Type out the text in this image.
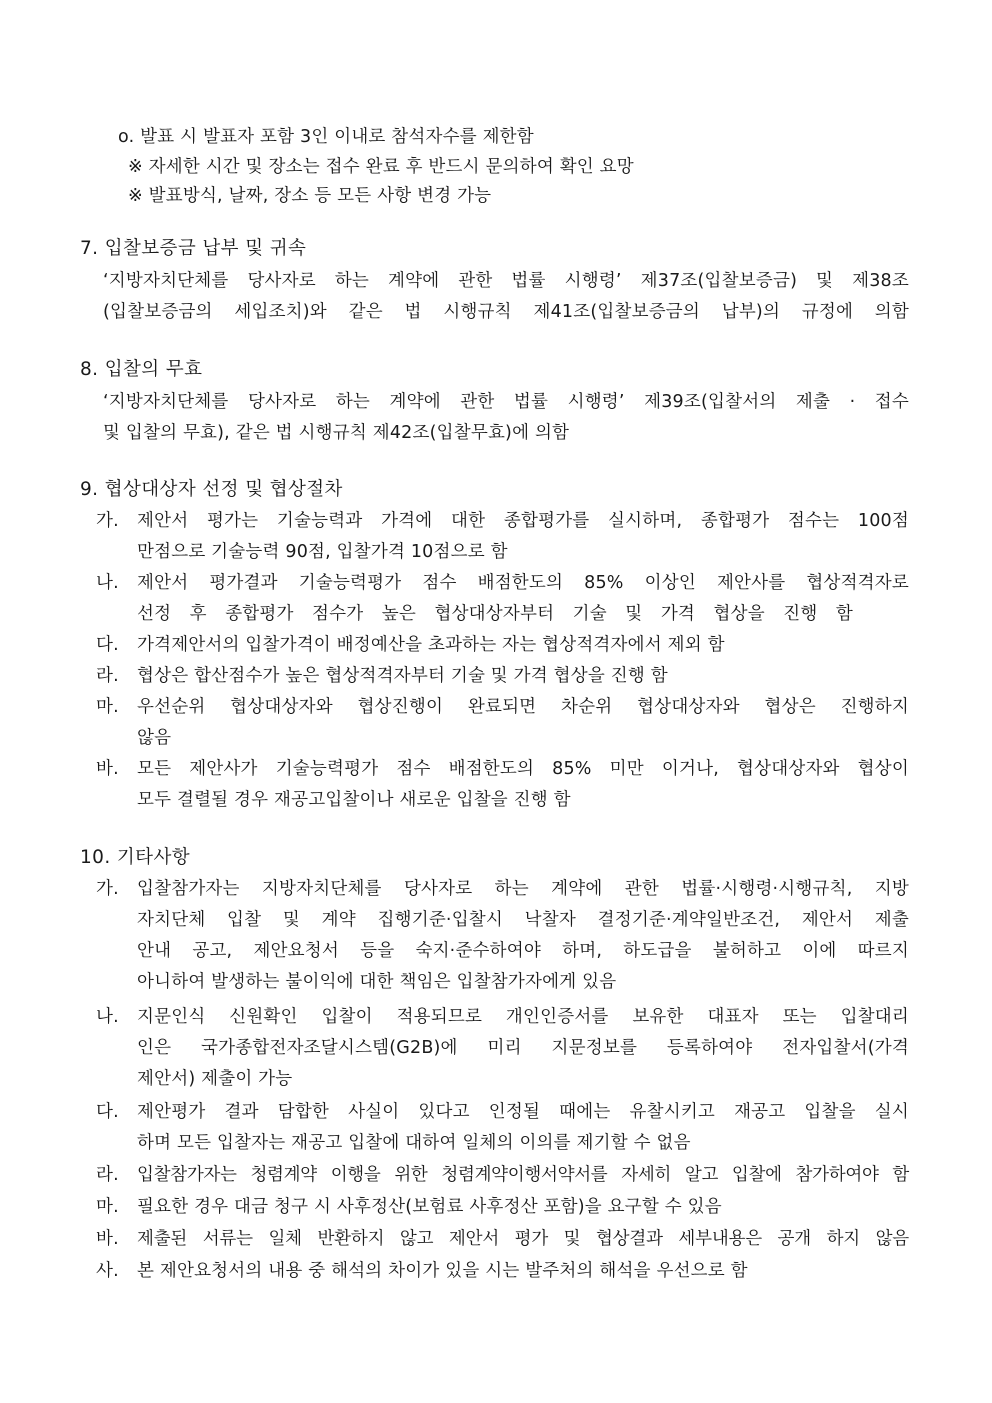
o. 발표 시 발표자 포함 3인 이내로 참석자수를 제한함
※ 자세한 시간 및 장소는 접수 완료 후 반드시 문의하여 확인 요망
※ 발표방식, 날짜, 장소 등 모든 사항 변경 가능
7. 입찰보증금 납부 및 귀속
‘지방자치단체를 당사자로 하는 계약에 관한 법률 시행령’ 제37조(입찰보증금) 및 제38조
(입찰보증금의 세입조치)와 같은 법 시행규칙 제41조(입찰보증금의 납부)의 규정에 의함
8. 입찰의 무효
‘지방자치단체를 당사자로 하는 계약에 관한 법률 시행령’ 제39조(입찰서의 제출 · 접수
및 입찰의 무효), 같은 법 시행규칙 제42조(입찰무효)에 의함
9. 협상대상자 선정 및 협상절차
가. 제안서 평가는 기술능력과 가격에 대한 종합평가를 실시하며, 종합평가 점수는 100점
만점으로 기술능력 90점, 입찰가격 10점으로 함
나. 제안서 평가결과 기술능력평가 점수 배점한도의 85% 이상인 제안사를 협상적격자로
선정 후 종합평가 점수가 높은 협상대상자부터 기술 및 가격 협상을 진행 함
다. 가격제안서의 입찰가격이 배정예산을 초과하는 자는 협상적격자에서 제외 함
라. 협상은 합산점수가 높은 협상적격자부터 기술 및 가격 협상을 진행 함
마. 우선순위 협상대상자와 협상진행이 완료되면 차순위 협상대상자와 협상은 진행하지
않음
바. 모든 제안사가 기술능력평가 점수 배점한도의 85% 미만 이거나, 협상대상자와 협상이
모두 결렬될 경우 재공고입찰이나 새로운 입찰을 진행 함
10. 기타사항
가. 입찰참가자는 지방자치단체를 당사자로 하는 계약에 관한 법률·시행령·시행규칙, 지방
자치단체 입찰 및 계약 집행기준·입찰시 낙찰자 결정기준·계약일반조건, 제안서 제출
안내 공고, 제안요청서 등을 숙지·준수하여야 하며, 하도급을 불허하고 이에 따르지
아니하여 발생하는 불이익에 대한 책임은 입찰참가자에게 있음
나. 지문인식 신원확인 입찰이 적용되므로 개인인증서를 보유한 대표자 또는 입찰대리
인은 국가종합전자조달시스템(G2B)에 미리 지문정보를 등록하여야 전자입찰서(가격
제안서) 제출이 가능
다. 제안평가 결과 담합한 사실이 있다고 인정될 때에는 유찰시키고 재공고 입찰을 실시
하며 모든 입찰자는 재공고 입찰에 대하여 일체의 이의를 제기할 수 없음
라. 입찰참가자는 청렴계약 이행을 위한 청렴계약이행서약서를 자세히 알고 입찰에 참가하여야 함
마. 필요한 경우 대금 청구 시 사후정산(보험료 사후정산 포함)을 요구할 수 있음
바. 제출된 서류는 일체 반환하지 않고 제안서 평가 및 협상결과 세부내용은 공개 하지 않음
사. 본 제안요청서의 내용 중 해석의 차이가 있을 시는 발주처의 해석을 우선으로 함
